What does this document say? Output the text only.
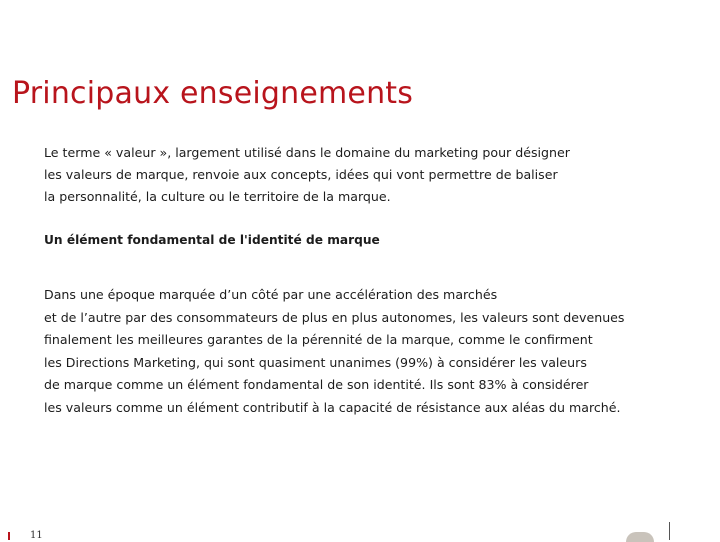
Principaux enseignements
Le terme « valeur », largement utilisé dans le domaine du marketing pour désigner
les valeurs de marque, renvoie aux concepts, idées qui vont permettre de baliser
la personnalité, la culture ou le territoire de la marque.
Un élément fondamental de l'identité de marque
Dans une époque marquée d’un côté par une accélération des marchés
et de l’autre par des consommateurs de plus en plus autonomes, les valeurs sont devenues
finalement les meilleures garantes de la pérennité de la marque, comme le confirment
les Directions Marketing, qui sont quasiment unanimes (99%) à considérer les valeurs
de marque comme un élément fondamental de son identité. Ils sont 83% à considérer
les valeurs comme un élément contributif à la capacité de résistance aux aléas du marché.
11
